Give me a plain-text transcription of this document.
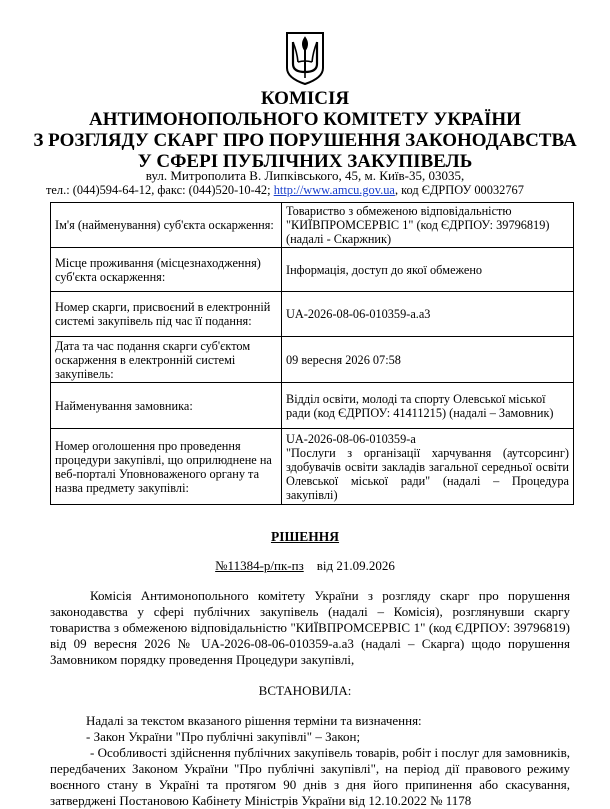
КОМІСІЯ
АНТИМОНОПОЛЬНОГО КОМІТЕТУ УКРАЇНИ
З РОЗГЛЯДУ СКАРГ ПРО ПОРУШЕННЯ ЗАКОНОДАВСТВА
У СФЕРІ ПУБЛІЧНИХ ЗАКУПІВЕЛЬ
вул. Митрополита В. Липківського, 45, м. Київ-35, 03035,
тел.: (044)594-64-12, факс: (044)520-10-42; http://www.amcu.gov.ua, код ЄДРПОУ 00032767
Ім'я (найменування) суб'єкта оскарження:	Товариство з обмеженою відповідальністю "КИЇВПРОМСЕРВІС 1" (код ЄДРПОУ: 39796819) (надалі - Скаржник)
Місце проживання (місцезнаходження) суб'єкта оскарження:	Інформація, доступ до якої обмежено
Номер скарги, присвоєний в електронній системі закупівель під час її подання:	UA-2026-08-06-010359-a.a3
Дата та час подання скарги суб'єктом оскарження в електронній системі закупівель:	09 вересня 2026 07:58
Найменування замовника:	Відділ освіти, молоді та спорту Олевської міської ради (код ЄДРПОУ: 41411215) (надалі – Замовник)
Номер оголошення про проведення процедури закупівлі, що оприлюднене на веб-порталі Уповноваженого органу та назва предмету закупівлі:	UA-2026-08-06-010359-a
"Послуги з організації харчування (аутсорсинг) здобувачів освіти закладів загальної середньої освіти Олевської міської ради" (надалі – Процедура закупівлі)
РІШЕННЯ
№11384-р/пк-пз від 21.09.2026
Комісія Антимонопольного комітету України з розгляду скарг про порушення законодавства у сфері публічних закупівель (надалі – Комісія), розглянувши скаргу товариства з обмеженою відповідальністю "КИЇВПРОМСЕРВІС 1" (код ЄДРПОУ: 39796819) від 09 вересня 2026 № UA-2026-08-06-010359-a.a3 (надалі – Скарга) щодо порушення Замовником порядку проведення Процедури закупівлі,
ВСТАНОВИЛА:
Надалі за текстом вказаного рішення терміни та визначення:
- Закон України "Про публічні закупівлі" – Закон;
- Особливості здійснення публічних закупівель товарів, робіт і послуг для замовників, передбачених Законом України "Про публічні закупівлі", на період дії правового режиму воєнного стану в Україні та протягом 90 днів з дня його припинення або скасування, затверджені Постановою Кабінету Міністрів України від 12.10.2022 № 1178
